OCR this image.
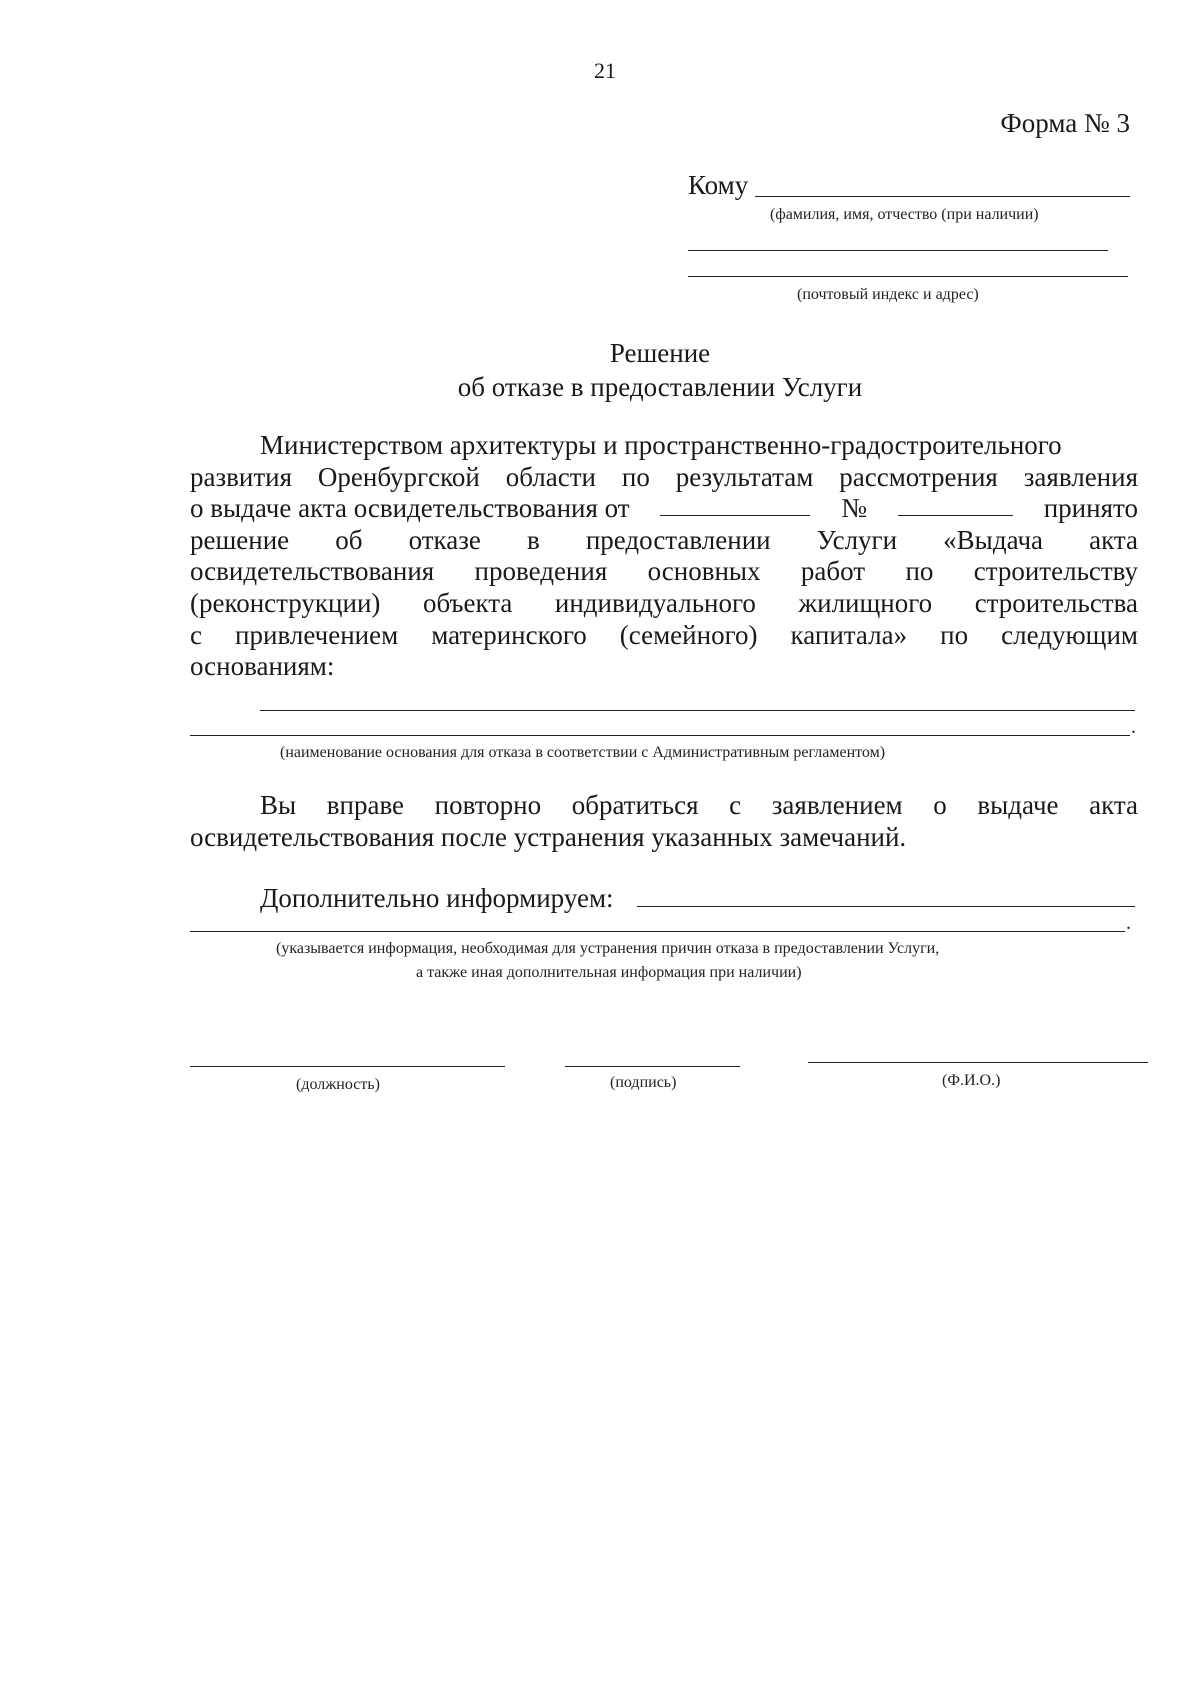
21
Форма № 3
Кому
(фамилия, имя, отчество (при наличии)
(почтовый индекс и адрес)
Решение
об отказе в предоставлении Услуги
Министерством архитектуры и пространственно-градостроительного
развития Оренбургской области по результатам рассмотрения заявления
о выдаче акта освидетельствования от	№	принято
решение об отказе в предоставлении Услуги «Выдача акта
освидетельствования проведения основных работ по строительству
(реконструкции) объекта индивидуального жилищного строительства
с привлечением материнского (семейного) капитала» по следующим
основаниям:
.
(наименование основания для отказа в соответствии с Административным регламентом)
Вы вправе повторно обратиться с заявлением о выдаче акта
освидетельствования после устранения указанных замечаний.
Дополнительно информируем:
.
(указывается информация, необходимая для устранения причин отказа в предоставлении Услуги,
а также иная дополнительная информация при наличии)
(должность)	(подпись)	(Ф.И.О.)
